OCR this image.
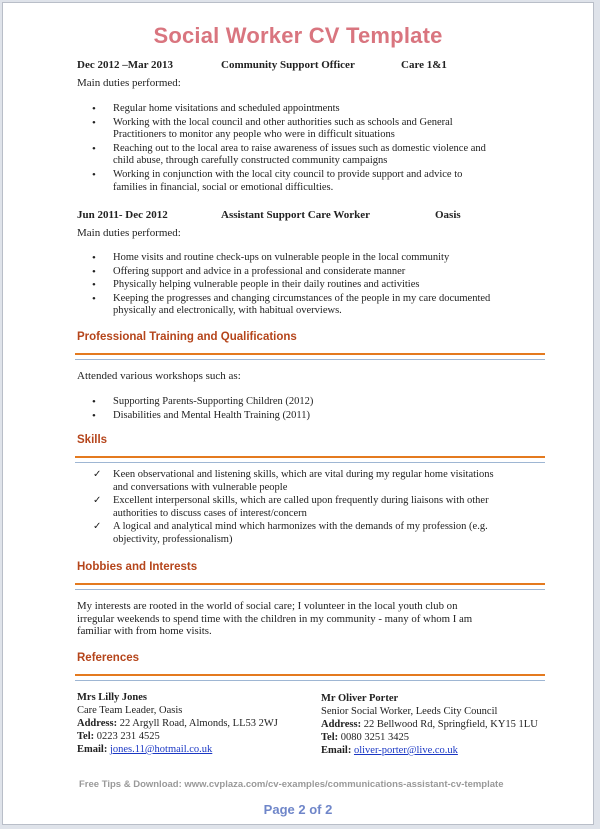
Social Worker CV Template
Dec 2012 –Mar 2013	Community Support Officer	Care 1&1
Main duties performed:
• Regular home visitations and scheduled appointments
• Working with the local council and other authorities such as schools and General Practitioners to monitor any people who were in difficult situations
• Reaching out to the local area to raise awareness of issues such as domestic violence and child abuse, through carefully constructed community campaigns
• Working in conjunction with the local city council to provide support and advice to families in financial, social or emotional difficulties.
Jun 2011- Dec 2012	Assistant Support Care Worker	Oasis
Main duties performed:
• Home visits and routine check-ups on vulnerable people in the local community
• Offering support and advice in a professional and considerate manner
• Physically helping vulnerable people in their daily routines and activities
• Keeping the progresses and changing circumstances of the people in my care documented physically and electronically, with habitual overviews.
Professional Training and Qualifications
Attended various workshops such as:
• Supporting Parents-Supporting Children (2012)
• Disabilities and Mental Health Training (2011)
Skills
✓ Keen observational and listening skills, which are vital during my regular home visitations and conversations with vulnerable people
✓ Excellent interpersonal skills, which are called upon frequently during liaisons with other authorities to discuss cases of interest/concern
✓ A logical and analytical mind which harmonizes with the demands of my profession (e.g. objectivity, professionalism)
Hobbies and Interests
My interests are rooted in the world of social care; I volunteer in the local youth club on irregular weekends to spend time with the children in my community - many of whom I am familiar with from home visits.
References
Mrs Lilly Jones
Care Team Leader, Oasis
Address: 22 Argyll Road, Almonds, LL53 2WJ
Tel: 0223 231 4525
Email: jones.11@hotmail.co.uk
Mr Oliver Porter
Senior Social Worker, Leeds City Council
Address: 22 Bellwood Rd, Springfield, KY15 1LU
Tel: 0080 3251 3425
Email: oliver-porter@live.co.uk
Free Tips & Download: www.cvplaza.com/cv-examples/communications-assistant-cv-template
Page 2 of 2
